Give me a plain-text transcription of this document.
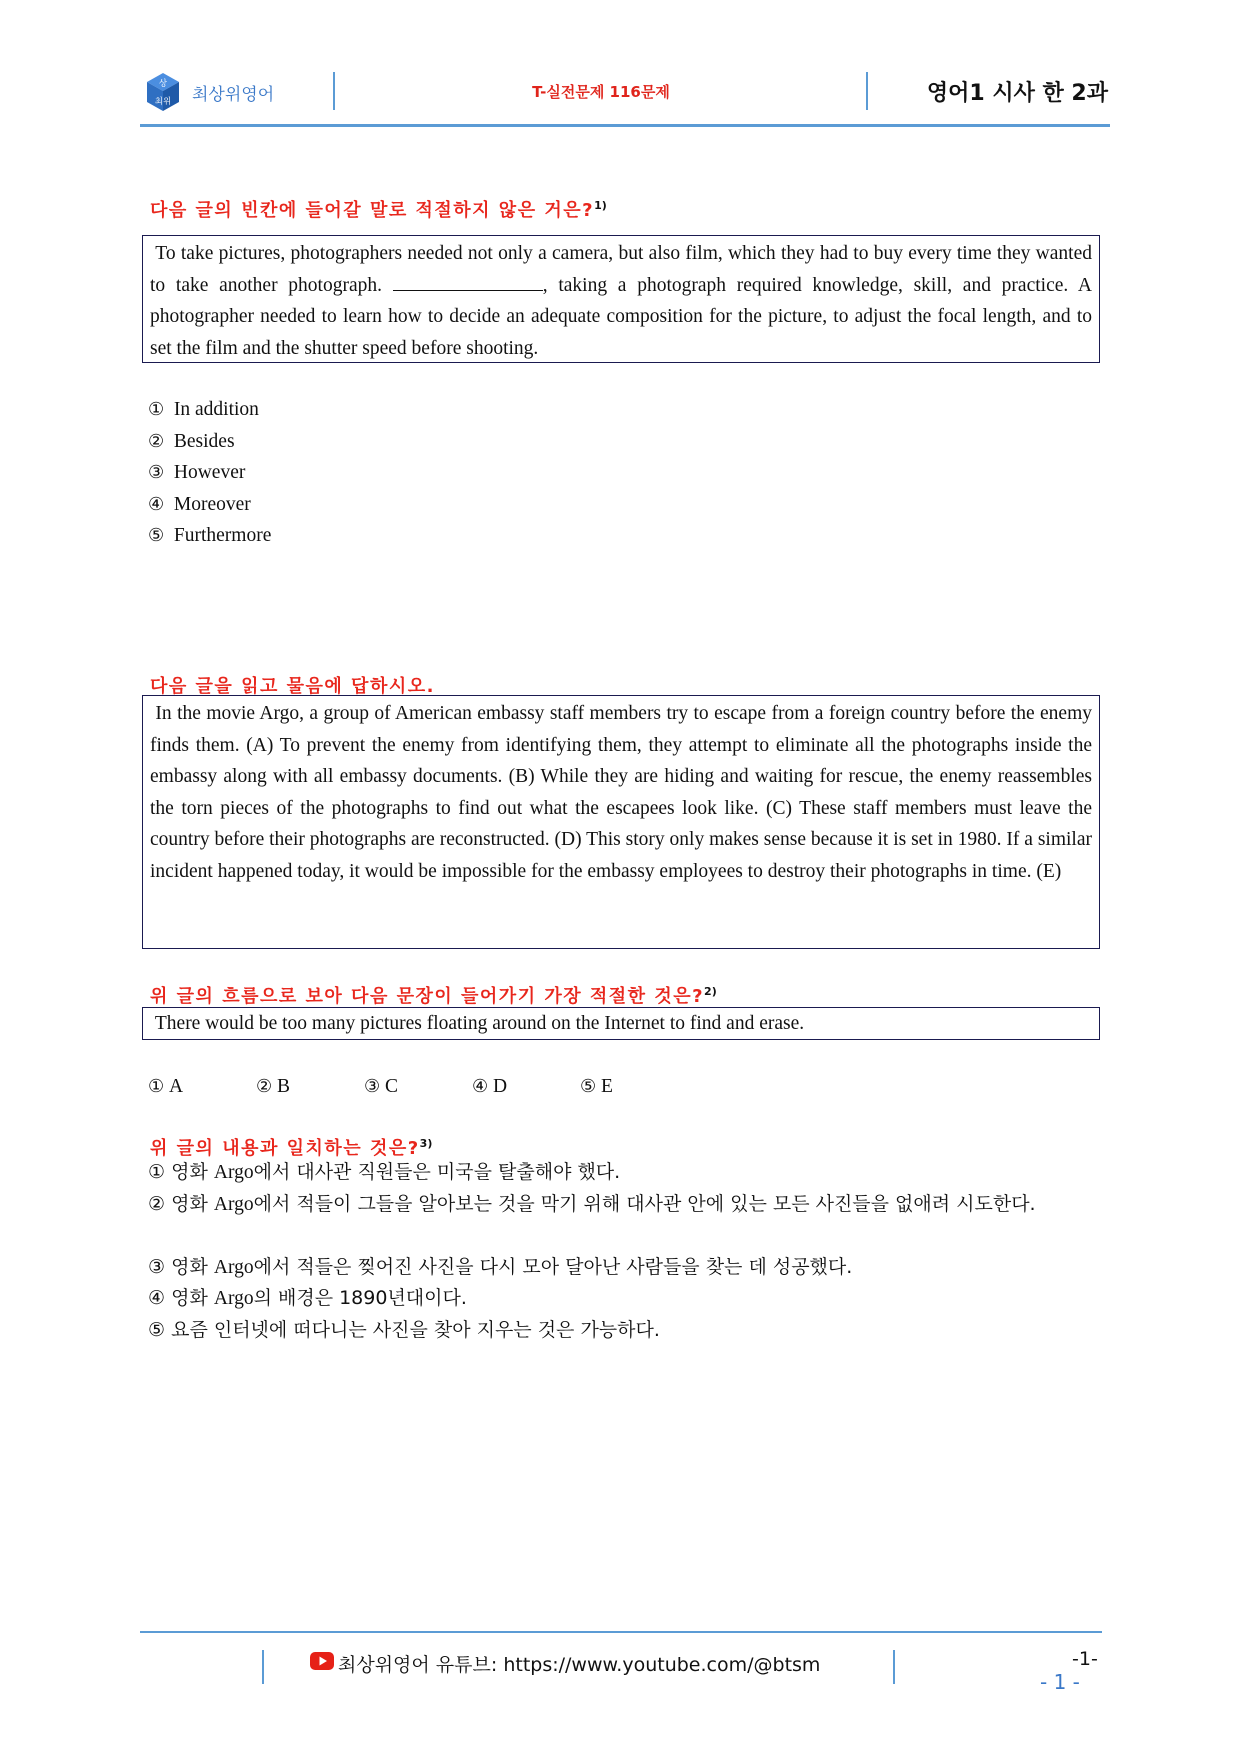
상
최위 최상위영어	T-실전문제 116문제	영어1 시사 한 2과
다음 글의 빈칸에 들어갈 말로 적절하지 않은 거은?$^{1)}$
To take pictures, photographers needed not only a camera, but also film, which they had to buy every time they wanted to take another photograph.	, taking a photograph required knowledge, skill, and practice. A photographer needed to learn how to decide an adequate composition for the picture, to adjust the focal length, and to set the film and the shutter speed before shooting.
① In addition
② Besides
③ However
④ Moreover
⑤ Furthermore
다음 글을 읽고 물음에 답하시오.
In the movie Argo, a group of American embassy staff members try to escape from a foreign country before the enemy finds them. (A) To prevent the enemy from identifying them, they attempt to eliminate all the photographs inside the embassy along with all embassy documents. (B) While they are hiding and waiting for rescue, the enemy reassembles the torn pieces of the photographs to find out what the escapees look like. (C) These staff members must leave the country before their photographs are reconstructed. (D) This story only makes sense because it is set in 1980. If a similar incident happened today, it would be impossible for the embassy employees to destroy their photographs in time. (E)
위 글의 흐름으로 보아 다음 문장이 들어가기 가장 적절한 것은?$^{2)}$
There would be too many pictures floating around on the Internet to find and erase.
① A	② B	③ C	④ D	⑤ E
위 글의 내용과 일치하는 것은?$^{3)}$
① 영화 Argo에서 대사관 직원들은 미국을 탈출해야 했다.
② 영화 Argo에서 적들이 그들을 알아보는 것을 막기 위해 대사관 안에 있는 모든 사진들을 없애려 시도한다.
③ 영화 Argo에서 적들은 찢어진 사진을 다시 모아 달아난 사람들을 찾는 데 성공했다.
④ 영화 Argo의 배경은 1890년대이다.
⑤ 요즘 인터넷에 떠다니는 사진을 찾아 지우는 것은 가능하다.
최상위영어 유튜브: https://www.youtube.com/@btsm	-1-
- 1 -
